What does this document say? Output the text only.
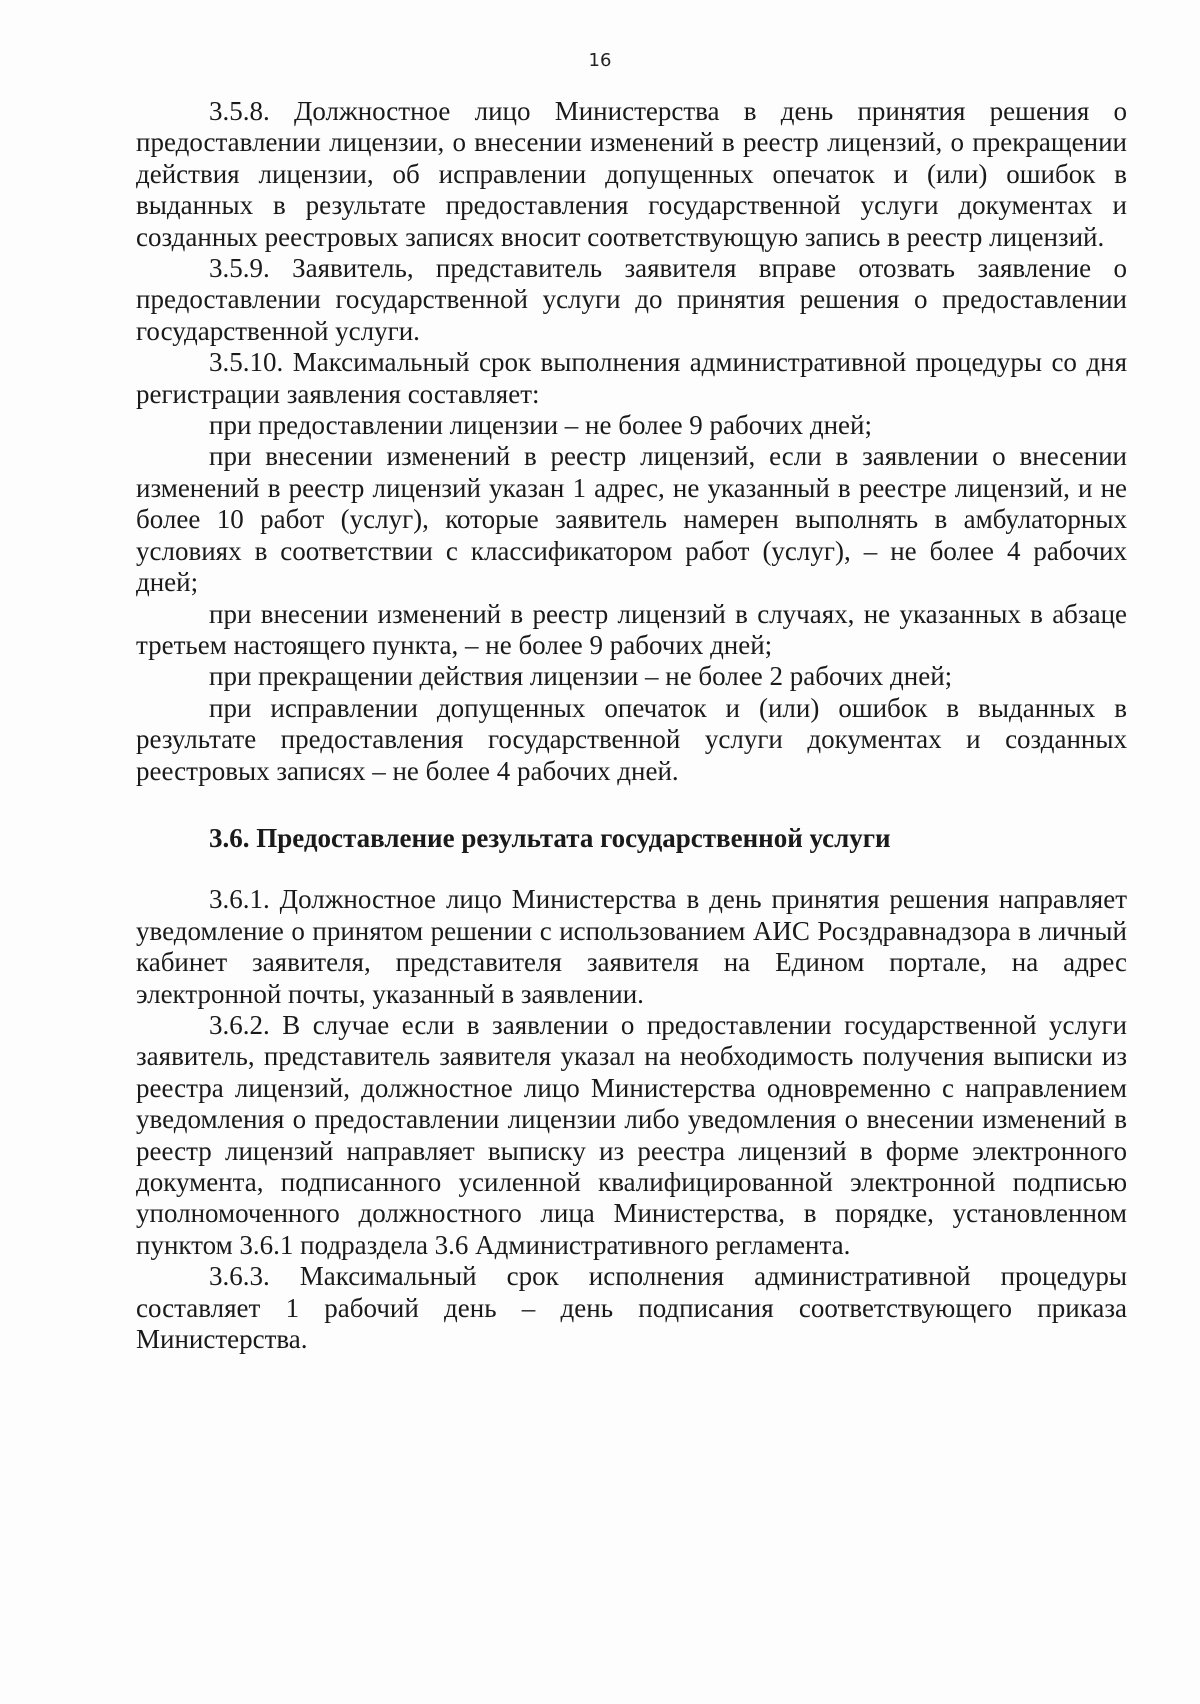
16

3.5.8. Должностное лицо Министерства в день принятия решения о предоставлении лицензии, о внесении изменений в реестр лицензий, о прекращении действия лицензии, об исправлении допущенных опечаток и (или) ошибок в выданных в результате предоставления государственной услуги документах и созданных реестровых записях вносит соответствующую запись в реестр лицензий.

3.5.9. Заявитель, представитель заявителя вправе отозвать заявление о предоставлении государственной услуги до принятия решения о предоставлении государственной услуги.

3.5.10. Максимальный срок выполнения административной процедуры со дня регистрации заявления составляет:

при предоставлении лицензии – не более 9 рабочих дней;

при внесении изменений в реестр лицензий, если в заявлении о внесении изменений в реестр лицензий указан 1 адрес, не указанный в реестре лицензий, и не более 10 работ (услуг), которые заявитель намерен выполнять в амбулаторных условиях в соответствии с классификатором работ (услуг), – не более 4 рабочих дней;

при внесении изменений в реестр лицензий в случаях, не указанных в абзаце третьем настоящего пункта, – не более 9 рабочих дней;

при прекращении действия лицензии – не более 2 рабочих дней;

при исправлении допущенных опечаток и (или) ошибок в выданных в результате предоставления государственной услуги документах и созданных реестровых записях – не более 4 рабочих дней.

3.6. Предоставление результата государственной услуги

3.6.1. Должностное лицо Министерства в день принятия решения направляет уведомление о принятом решении с использованием АИС Росздравнадзора в личный кабинет заявителя, представителя заявителя на Едином портале, на адрес электронной почты, указанный в заявлении.

3.6.2. В случае если в заявлении о предоставлении государственной услуги заявитель, представитель заявителя указал на необходимость получения выписки из реестра лицензий, должностное лицо Министерства одновременно с направлением уведомления о предоставлении лицензии либо уведомления о внесении изменений в реестр лицензий направляет выписку из реестра лицензий в форме электронного документа, подписанного усиленной квалифицированной электронной подписью уполномоченного должностного лица Министерства, в порядке, установленном пунктом 3.6.1 подраздела 3.6 Административного регламента.

3.6.3. Максимальный срок исполнения административной процедуры составляет 1 рабочий день – день подписания соответствующего приказа Министерства.
